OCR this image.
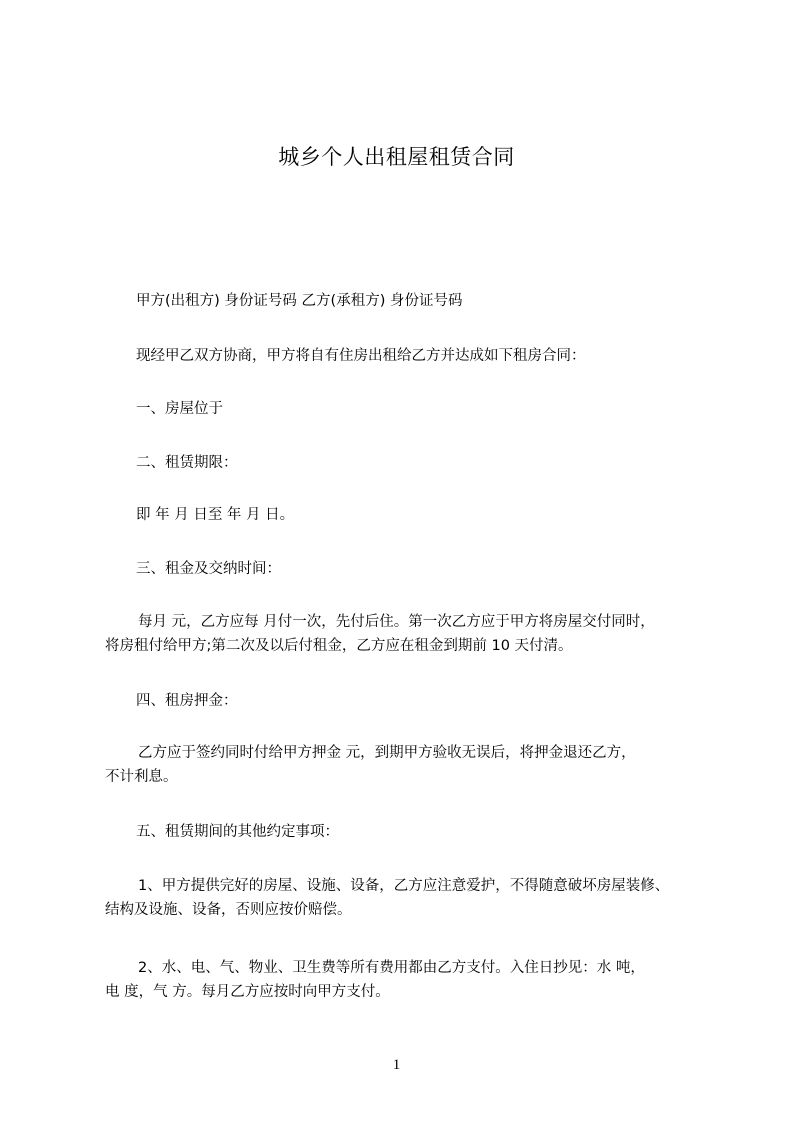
城乡个人出租屋租赁合同
甲方(出租方) 身份证号码 乙方(承租方) 身份证号码
现经甲乙双方协商，甲方将自有住房出租给乙方并达成如下租房合同：
一、房屋位于
二、租赁期限：
即 年 月 日至 年 月 日。
三、租金及交纳时间：
每月 元，乙方应每 月付一次，先付后住。第一次乙方应于甲方将房屋交付同时，
将房租付给甲方;第二次及以后付租金，乙方应在租金到期前 10 天付清。
四、租房押金：
乙方应于签约同时付给甲方押金 元，到期甲方验收无误后，将押金退还乙方，
不计利息。
五、租赁期间的其他约定事项：
1、甲方提供完好的房屋、设施、设备，乙方应注意爱护，不得随意破坏房屋装修、
结构及设施、设备，否则应按价赔偿。
2、水、电、气、物业、卫生费等所有费用都由乙方支付。入住日抄见：水 吨，
电 度，气 方。每月乙方应按时向甲方支付。
1
